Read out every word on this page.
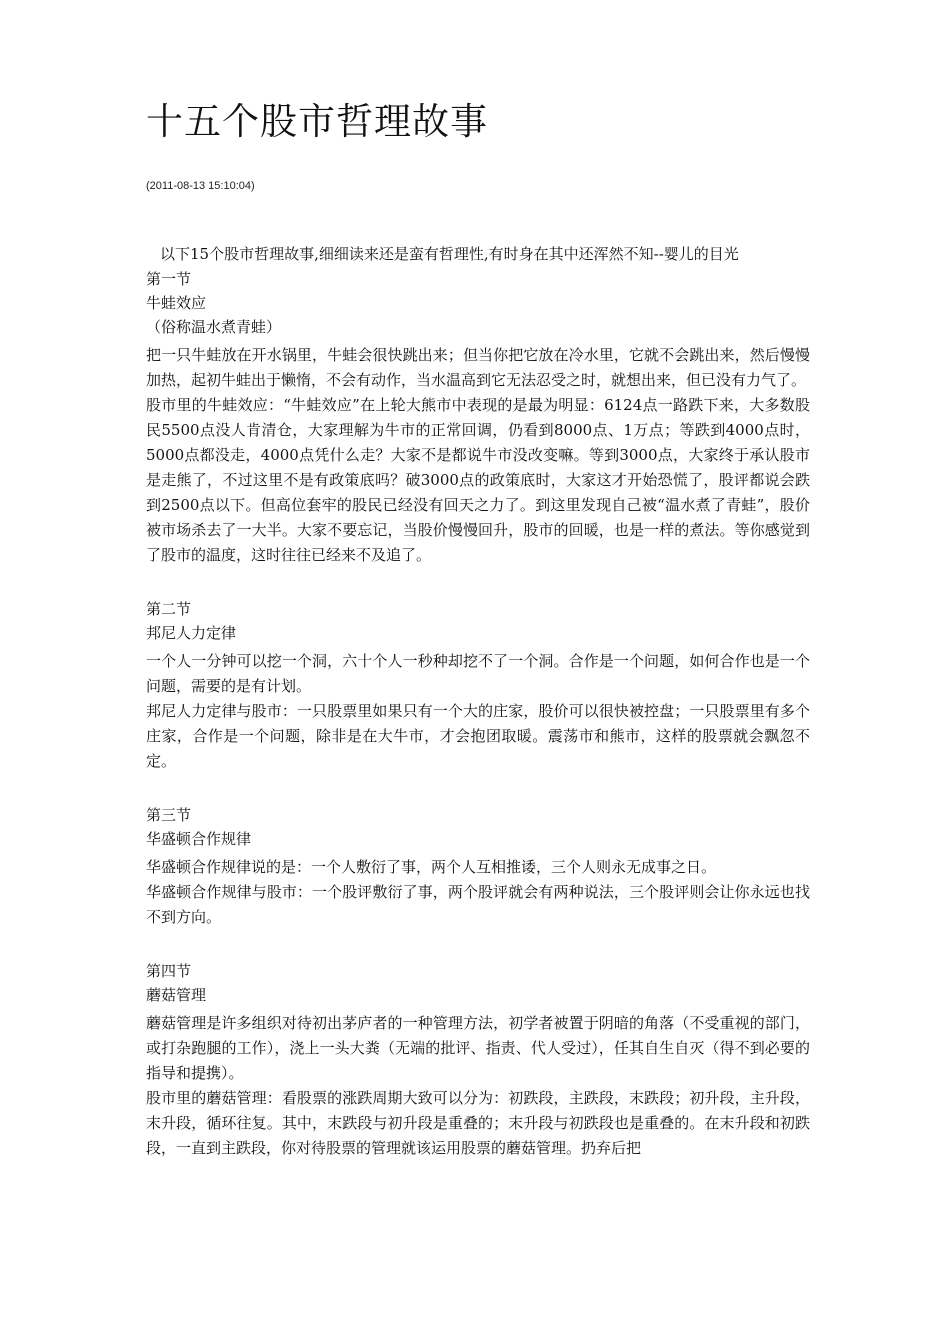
十五个股市哲理故事
(2011-08-13 15:10:04)
以下15个股市哲理故事,细细读来还是蛮有哲理性,有时身在其中还浑然不知--婴儿的目光
第一节
牛蛙效应
（俗称温水煮青蛙）
把一只牛蛙放在开水锅里，牛蛙会很快跳出来；但当你把它放在冷水里，它就不会跳出来，然后慢慢加热，起初牛蛙出于懒惰，不会有动作，当水温高到它无法忍受之时，就想出来，但已没有力气了。
股市里的牛蛙效应：“牛蛙效应”在上轮大熊市中表现的是最为明显：6124点一路跌下来，大多数股民5500点没人肯清仓，大家理解为牛市的正常回调，仍看到8000点、1万点；等跌到4000点时，5000点都没走，4000点凭什么走？大家不是都说牛市没改变嘛。等到3000点，大家终于承认股市是走熊了，不过这里不是有政策底吗？破3000点的政策底时，大家这才开始恐慌了，股评都说会跌到2500点以下。但高位套牢的股民已经没有回天之力了。到这里发现自己被“温水煮了青蛙”，股价被市场杀去了一大半。大家不要忘记，当股价慢慢回升，股市的回暖，也是一样的煮法。等你感觉到了股市的温度，这时往往已经来不及追了。
第二节
邦尼人力定律
一个人一分钟可以挖一个洞，六十个人一秒种却挖不了一个洞。合作是一个问题，如何合作也是一个问题，需要的是有计划。
邦尼人力定律与股市：一只股票里如果只有一个大的庄家，股价可以很快被控盘；一只股票里有多个庄家，合作是一个问题，除非是在大牛市，才会抱团取暖。震荡市和熊市，这样的股票就会飘忽不定。
第三节
华盛顿合作规律
华盛顿合作规律说的是：一个人敷衍了事，两个人互相推诿，三个人则永无成事之日。
华盛顿合作规律与股市：一个股评敷衍了事，两个股评就会有两种说法，三个股评则会让你永远也找不到方向。
第四节
蘑菇管理
蘑菇管理是许多组织对待初出茅庐者的一种管理方法，初学者被置于阴暗的角落（不受重视的部门，或打杂跑腿的工作），浇上一头大粪（无端的批评、指责、代人受过），任其自生自灭（得不到必要的指导和提携）。
股市里的蘑菇管理：看股票的涨跌周期大致可以分为：初跌段，主跌段，末跌段；初升段，主升段，末升段，循环往复。其中，末跌段与初升段是重叠的；末升段与初跌段也是重叠的。在末升段和初跌段，一直到主跌段，你对待股票的管理就该运用股票的蘑菇管理。扔弃后把
